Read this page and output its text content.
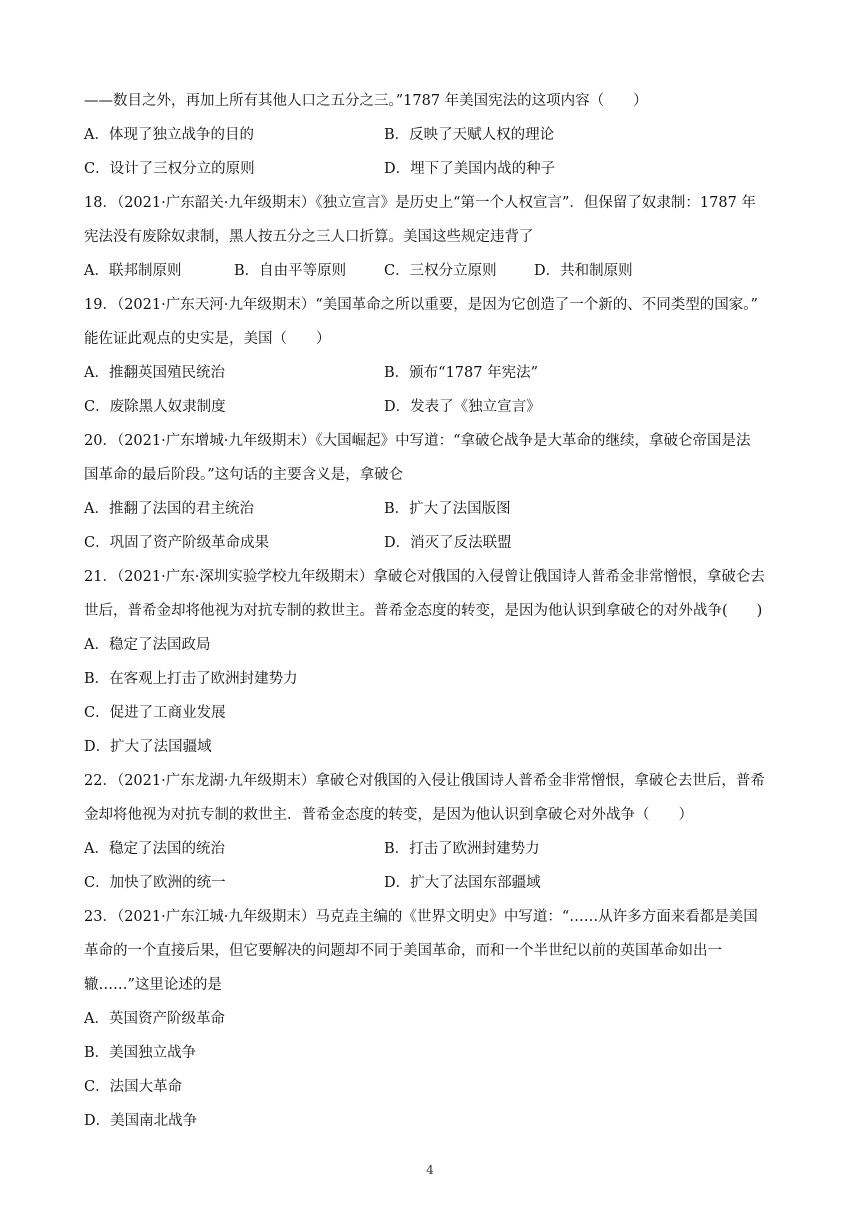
——数目之外，再加上所有其他人口之五分之三。”1787 年美国宪法的这项内容（　　）
A．体现了独立战争的目的	B．反映了天赋人权的理论
C．设计了三权分立的原则	D．埋下了美国内战的种子
18．（2021·广东韶关·九年级期末）《独立宣言》是历史上“第一个人权宣言”．但保留了奴隶制：1787 年
宪法没有废除奴隶制，黑人按五分之三人口折算。美国这些规定违背了
A．联邦制原则	B．自由平等原则	C．三权分立原则	D．共和制原则
19．（2021·广东天河·九年级期末）“美国革命之所以重要，是因为它创造了一个新的、不同类型的国家。”
能佐证此观点的史实是，美国（　　）
A．推翻英国殖民统治	B．颁布“1787 年宪法”
C．废除黑人奴隶制度	D．发表了《独立宣言》
20．（2021·广东增城·九年级期末）《大国崛起》中写道：“拿破仑战争是大革命的继续，拿破仑帝国是法
国革命的最后阶段。”这句话的主要含义是，拿破仑
A．推翻了法国的君主统治	B．扩大了法国版图
C．巩固了资产阶级革命成果	D．消灭了反法联盟
21．（2021·广东·深圳实验学校九年级期末）拿破仑对俄国的入侵曾让俄国诗人普希金非常憎恨，拿破仑去
世后，普希金却将他视为对抗专制的救世主。普希金态度的转变，是因为他认识到拿破仑的对外战争(　　)
A．稳定了法国政局
B．在客观上打击了欧洲封建势力
C．促进了工商业发展
D．扩大了法国疆域
22．（2021·广东龙湖·九年级期末）拿破仑对俄国的入侵让俄国诗人普希金非常憎恨，拿破仑去世后，普希
金却将他视为对抗专制的救世主．普希金态度的转变，是因为他认识到拿破仑对外战争（　　）
A．稳定了法国的统治	B．打击了欧洲封建势力
C．加快了欧洲的统一	D．扩大了法国东部疆域
23．（2021·广东江城·九年级期末）马克垚主编的《世界文明史》中写道：“……从许多方面来看都是美国
革命的一个直接后果，但它要解决的问题却不同于美国革命，而和一个半世纪以前的英国革命如出一
辙……”这里论述的是
A．英国资产阶级革命
B．美国独立战争
C．法国大革命
D．美国南北战争
4
